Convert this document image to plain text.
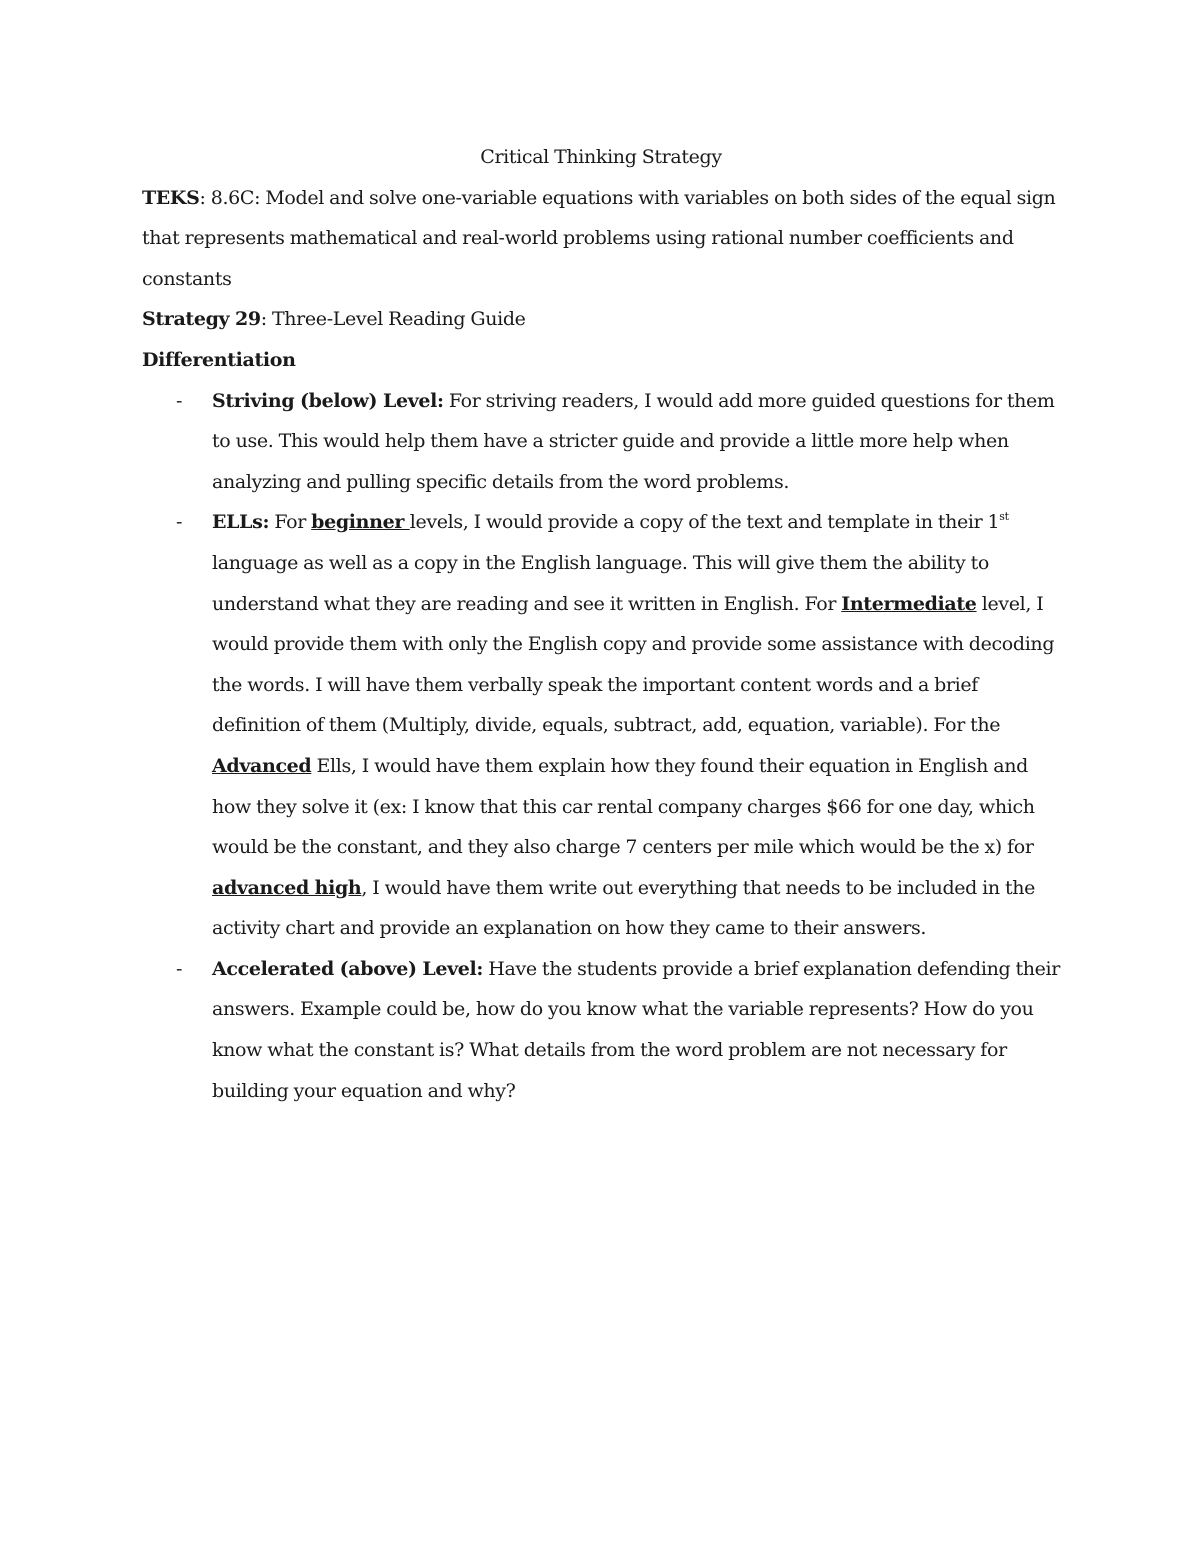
Critical Thinking Strategy

TEKS: 8.6C: Model and solve one-variable equations with variables on both sides of the equal sign that represents mathematical and real-world problems using rational number coefficients and constants

Strategy 29: Three-Level Reading Guide

Differentiation

- Striving (below) Level: For striving readers, I would add more guided questions for them to use. This would help them have a stricter guide and provide a little more help when analyzing and pulling specific details from the word problems.
- ELLs: For beginner levels, I would provide a copy of the text and template in their 1st language as well as a copy in the English language. This will give them the ability to understand what they are reading and see it written in English. For Intermediate level, I would provide them with only the English copy and provide some assistance with decoding the words. I will have them verbally speak the important content words and a brief definition of them (Multiply, divide, equals, subtract, add, equation, variable). For the Advanced Ells, I would have them explain how they found their equation in English and how they solve it (ex: I know that this car rental company charges $66 for one day, which would be the constant, and they also charge 7 centers per mile which would be the x) for advanced high, I would have them write out everything that needs to be included in the activity chart and provide an explanation on how they came to their answers.
- Accelerated (above) Level: Have the students provide a brief explanation defending their answers. Example could be, how do you know what the variable represents? How do you know what the constant is? What details from the word problem are not necessary for building your equation and why?
